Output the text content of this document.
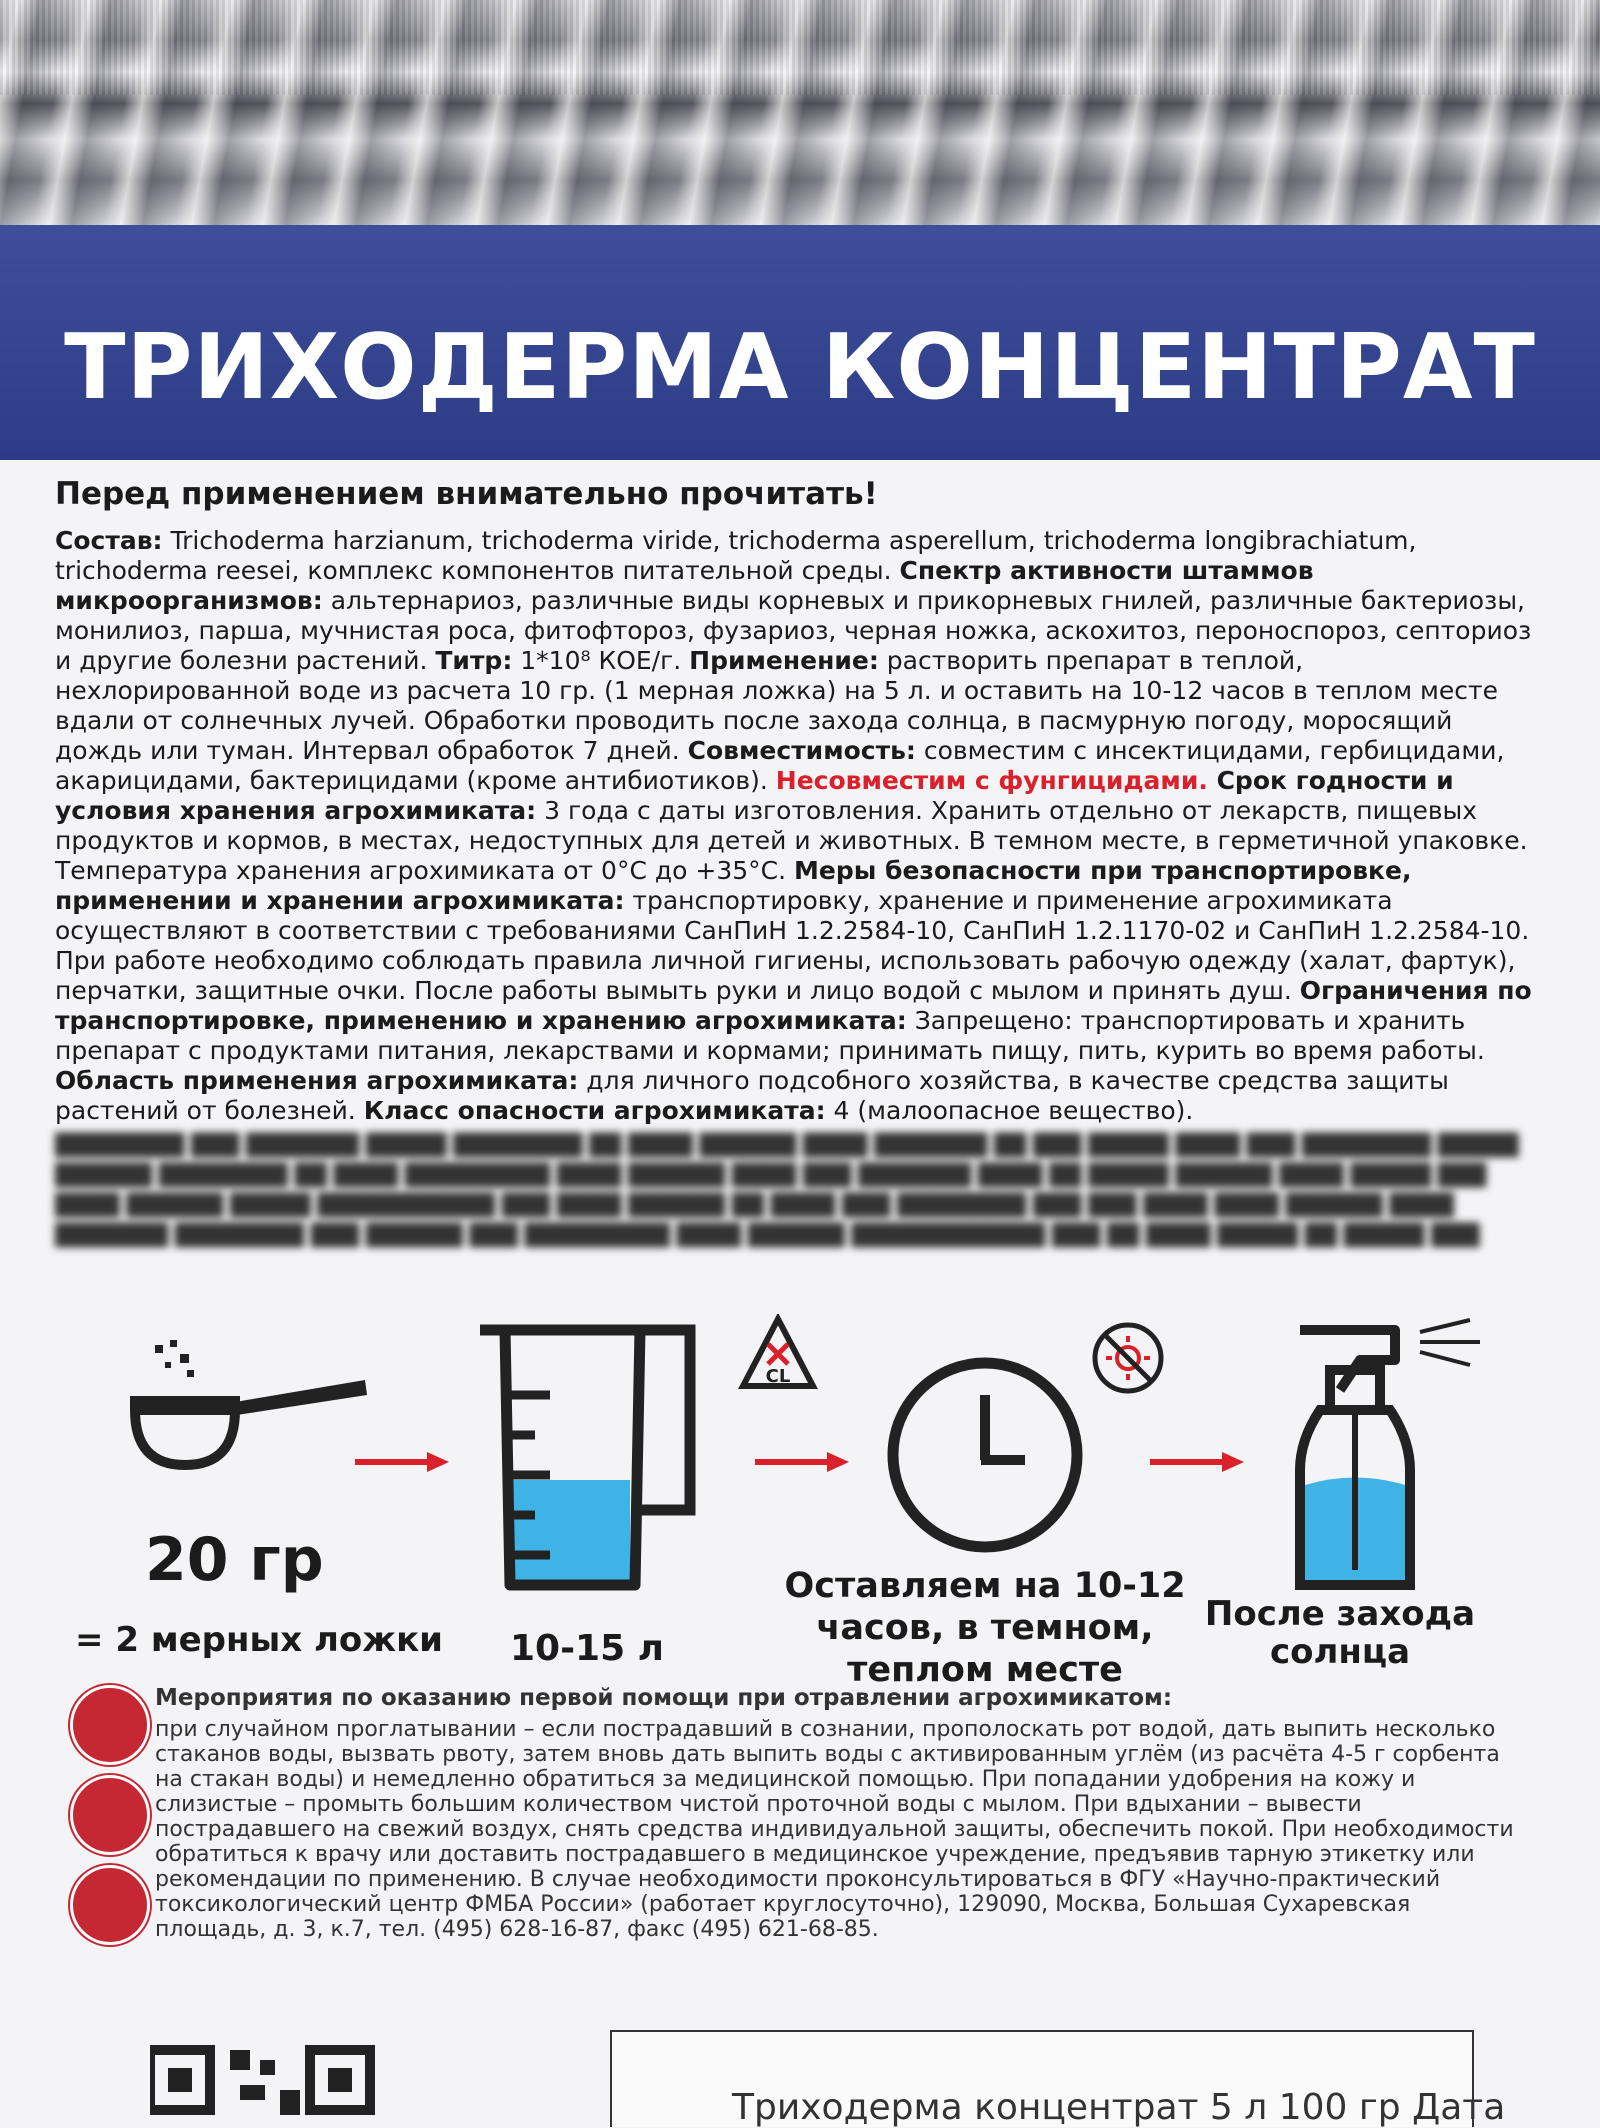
ТРИХОДЕРМА КОНЦЕНТРАТ
Перед применением внимательно прочитать!
Состав: Trichoderma harzianum, trichoderma viride, trichoderma asperellum, trichoderma longibrachiatum, trichoderma reesei, комплекс компонентов питательной среды. Спектр активности штаммов микроорганизмов: альтернариоз, различные виды корневых и прикорневых гнилей, различные бактериозы, монилиоз, парша, мучнистая роса, фитофтороз, фузариоз, черная ножка, аскохитоз, пероноспороз, септориоз и другие болезни растений. Титр: 1*10⁸ КОЕ/г. Применение: растворить препарат в теплой, нехлорированной воде из расчета 10 гр. (1 мерная ложка) на 5 л. и оставить на 10-12 часов в теплом месте вдали от солнечных лучей. Обработки проводить после захода солнца, в пасмурную погоду, моросящий дождь или туман. Интервал обработок 7 дней. Совместимость: совместим с инсектицидами, гербицидами, акарицидами, бактерицидами (кроме антибиотиков). Несовместим с фунгицидами. Срок годности и условия хранения агрохимиката: 3 года с даты изготовления. Хранить отдельно от лекарств, пищевых продуктов и кормов, в местах, недоступных для детей и животных. В темном месте, в герметичной упаковке. Температура хранения агрохимиката от 0°С до +35°С. Меры безопасности при транспортировке, применении и хранении агрохимиката: транспортировку, хранение и применение агрохимиката осуществляют в соответствии с требованиями СанПиН 1.2.2584-10, СанПиН 1.2.1170-02 и СанПиН 1.2.2584-10. При работе необходимо соблюдать правила личной гигиены, использовать рабочую одежду (халат, фартук), перчатки, защитные очки. После работы вымыть руки и лицо водой с мылом и принять душ. Ограничения по транспортировке, применению и хранению агрохимиката: Запрещено: транспортировать и хранить препарат с продуктами питания, лекарствами и кормами; принимать пищу, пить, курить во время работы. Область применения агрохимиката: для личного подсобного хозяйства, в качестве средства защиты растений от болезней. Класс опасности агрохимиката: 4 (малоопасное вещество).
████████ ███ ███████ █████ ████████ ██ ████ ██████ ████ ███████ ██ ███ █████ ████ ███ ████████ █████
██████ ████████ ██ ████ █████████ ████ ██████ ████ ███ ███████ ████ ██ █████ ██████ ████ █████ ███
████ ██████ █████ ███████████ ███ ████ ██████ ██ ████ ███ ████████ ███ ███ ████ ████ ██████ ████
███████ ████████ ███ ██████ ███ █████████ ████ ██████ ████████████ ███ ██ ████ █████ ██ █████ ███
20 гр
= 2 мерных ложки 10-15 л
CL
Оставляем на 10-12 часов, в темном, теплом месте
После захода солнца
Мероприятия по оказанию первой помощи при отравлении агрохимикатом:
при случайном проглатывании – если пострадавший в сознании, прополоскать рот водой, дать выпить несколько стаканов воды, вызвать рвоту, затем вновь дать выпить воды с активированным углём (из расчёта 4-5 г сорбента на стакан воды) и немедленно обратиться за медицинской помощью. При попадании удобрения на кожу и слизистые – промыть большим количеством чистой проточной воды с мылом. При вдыхании – вывести пострадавшего на свежий воздух, снять средства индивидуальной защиты, обеспечить покой. При необходимости обратиться к врачу или доставить пострадавшего в медицинское учреждение, предъявив тарную этикетку или рекомендации по применению. В случае необходимости проконсультироваться в ФГУ «Научно-практический токсикологический центр ФМБА России» (работает круглосуточно), 129090, Москва, Большая Сухаревская площадь, д. 3, к.7, тел. (495) 628-16-87, факс (495) 621-68-85.
Триходерма концентрат 5 л 100 гр Дата
